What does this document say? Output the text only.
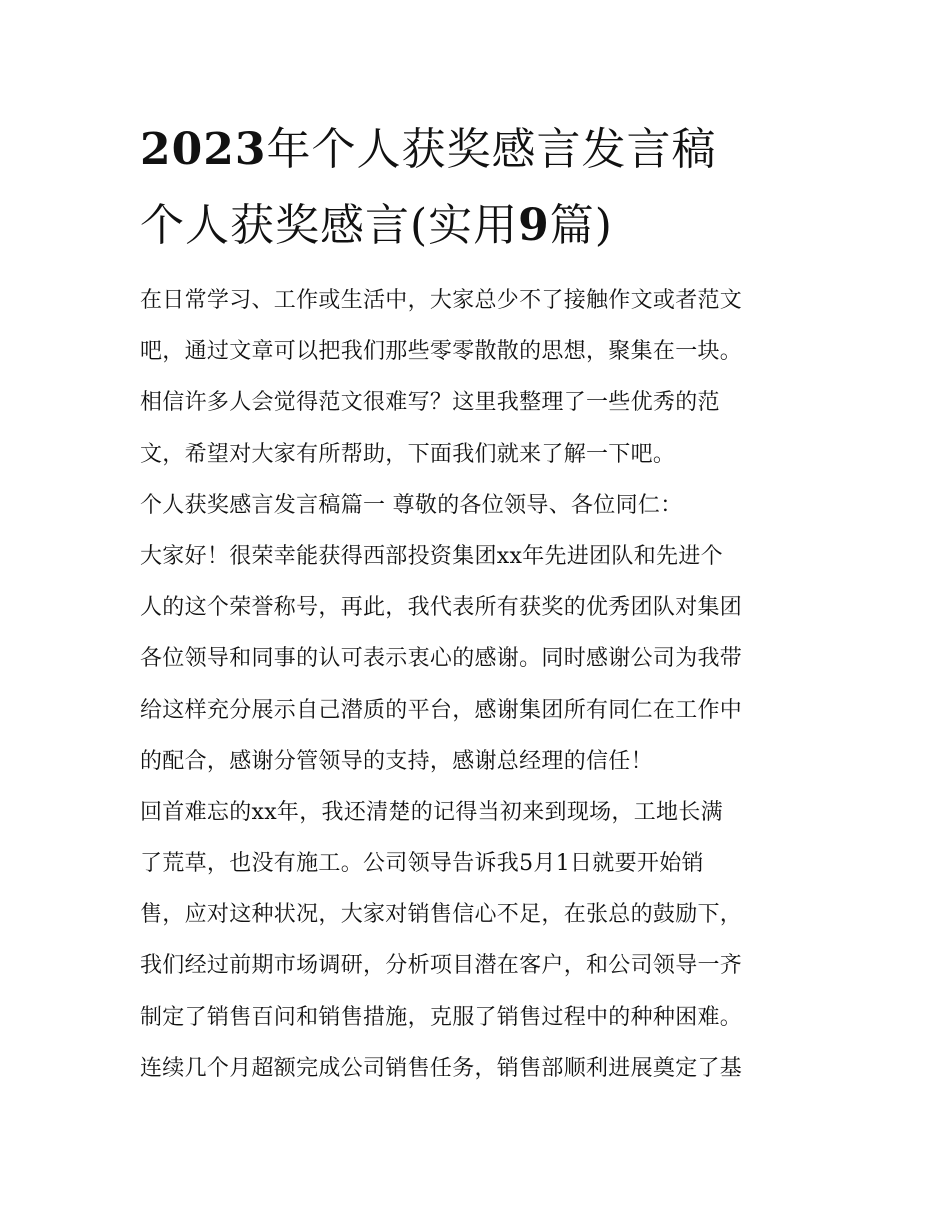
2023年个人获奖感言发言稿
个人获奖感言(实用9篇)
在日常学习、工作或生活中，大家总少不了接触作文或者范文
吧，通过文章可以把我们那些零零散散的思想，聚集在一块。
相信许多人会觉得范文很难写？这里我整理了一些优秀的范
文，希望对大家有所帮助，下面我们就来了解一下吧。
个人获奖感言发言稿篇一 尊敬的各位领导、各位同仁：
大家好！很荣幸能获得西部投资集团xx年先进团队和先进个
人的这个荣誉称号，再此，我代表所有获奖的优秀团队对集团
各位领导和同事的认可表示衷心的感谢。同时感谢公司为我带
给这样充分展示自己潜质的平台，感谢集团所有同仁在工作中
的配合，感谢分管领导的支持，感谢总经理的信任！
回首难忘的xx年，我还清楚的记得当初来到现场，工地长满
了荒草，也没有施工。公司领导告诉我5月1日就要开始销
售，应对这种状况，大家对销售信心不足，在张总的鼓励下，
我们经过前期市场调研，分析项目潜在客户，和公司领导一齐
制定了销售百问和销售措施，克服了销售过程中的种种困难。
连续几个月超额完成公司销售任务，销售部顺利进展奠定了基
